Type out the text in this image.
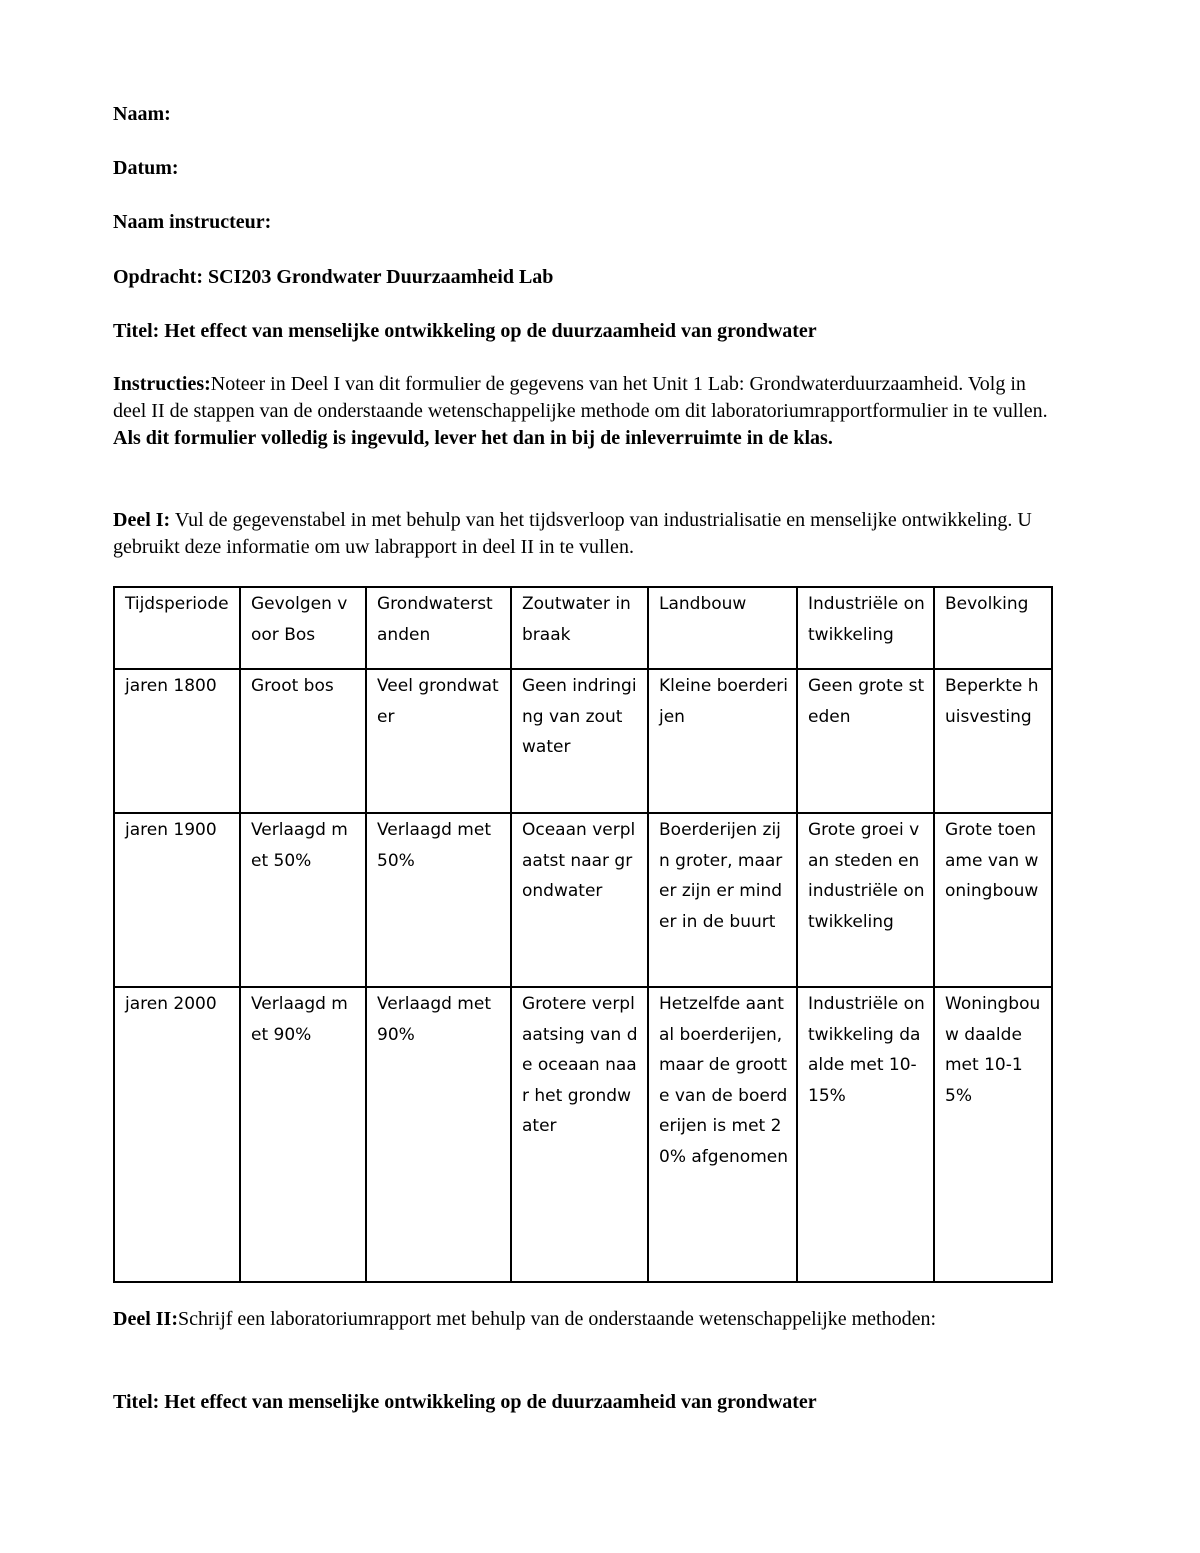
Naam:
Datum:
Naam instructeur:
Opdracht: SCI203 Grondwater Duurzaamheid Lab
Titel: Het effect van menselijke ontwikkeling op de duurzaamheid van grondwater
Instructies:Noteer in Deel I van dit formulier de gegevens van het Unit 1 Lab: Grondwaterduurzaamheid. Volg in deel II de stappen van de onderstaande wetenschappelijke methode om dit laboratoriumrapportformulier in te vullen. Als dit formulier volledig is ingevuld, lever het dan in bij de inleverruimte in de klas.
Deel I: Vul de gegevenstabel in met behulp van het tijdsverloop van industrialisatie en menselijke ontwikkeling. U gebruikt deze informatie om uw labrapport in deel II in te vullen.
Tijdsperiode	Gevolgen voor Bos	Grondwaterstanden	Zoutwater inbraak	Landbouw	Industriële ontwikkeling	Bevolking
jaren 1800	Groot bos	Veel grondwater	Geen indringing van zout water	Kleine boerderijen	Geen grote steden	Beperkte huisvesting
jaren 1900	Verlaagd met 50%	Verlaagd met 50%	Oceaan verplaatst naar grondwater	Boerderijen zijn groter, maar er zijn er minder in de buurt	Grote groei van steden en industriële ontwikkeling	Grote toename van woningbouw
jaren 2000	Verlaagd met 90%	Verlaagd met 90%	Grotere verplaatsing van de oceaan naar het grondwater	Hetzelfde aantal boerderijen, maar de grootte van de boerderijen is met 20% afgenomen	Industriële ontwikkeling daalde met 10-15%	Woningbouw daalde met 10-15%
Deel II:Schrijf een laboratoriumrapport met behulp van de onderstaande wetenschappelijke methoden:
Titel: Het effect van menselijke ontwikkeling op de duurzaamheid van grondwater
